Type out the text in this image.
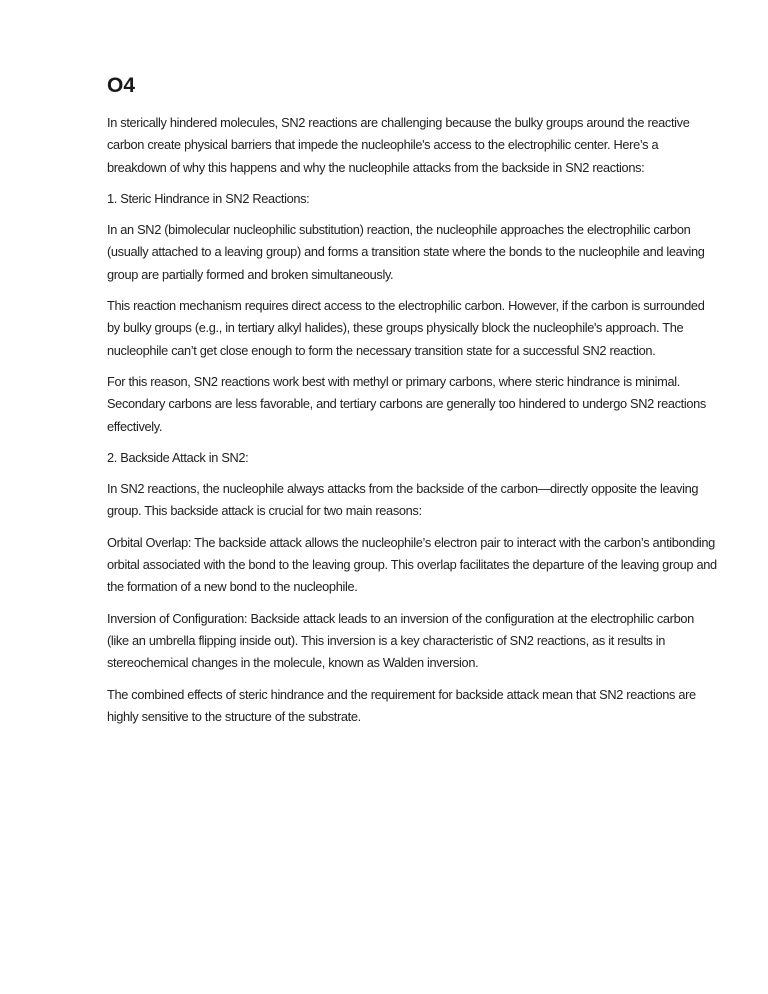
O4

In sterically hindered molecules, SN2 reactions are challenging because the bulky groups around the reactive carbon create physical barriers that impede the nucleophile's access to the electrophilic center. Here’s a breakdown of why this happens and why the nucleophile attacks from the backside in SN2 reactions:

1. Steric Hindrance in SN2 Reactions:

In an SN2 (bimolecular nucleophilic substitution) reaction, the nucleophile approaches the electrophilic carbon (usually attached to a leaving group) and forms a transition state where the bonds to the nucleophile and leaving group are partially formed and broken simultaneously.

This reaction mechanism requires direct access to the electrophilic carbon. However, if the carbon is surrounded by bulky groups (e.g., in tertiary alkyl halides), these groups physically block the nucleophile's approach. The nucleophile can’t get close enough to form the necessary transition state for a successful SN2 reaction.

For this reason, SN2 reactions work best with methyl or primary carbons, where steric hindrance is minimal. Secondary carbons are less favorable, and tertiary carbons are generally too hindered to undergo SN2 reactions effectively.

2. Backside Attack in SN2:

In SN2 reactions, the nucleophile always attacks from the backside of the carbon—directly opposite the leaving group. This backside attack is crucial for two main reasons:

Orbital Overlap: The backside attack allows the nucleophile’s electron pair to interact with the carbon’s antibonding orbital associated with the bond to the leaving group. This overlap facilitates the departure of the leaving group and the formation of a new bond to the nucleophile.

Inversion of Configuration: Backside attack leads to an inversion of the configuration at the electrophilic carbon (like an umbrella flipping inside out). This inversion is a key characteristic of SN2 reactions, as it results in stereochemical changes in the molecule, known as Walden inversion.

The combined effects of steric hindrance and the requirement for backside attack mean that SN2 reactions are highly sensitive to the structure of the substrate.
